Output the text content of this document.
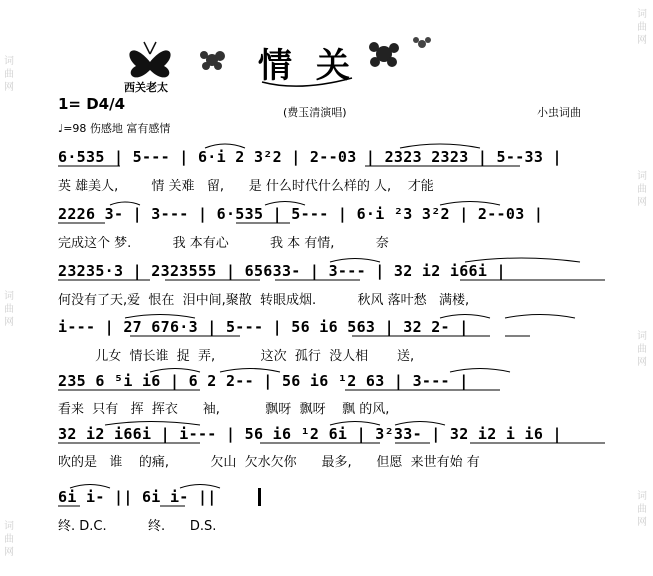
词
曲
网
词
曲
网
词
曲
网
词
曲
网
词
曲
网
词
曲
网
词
曲
网
西关老太
情 关
(费玉清演唱)	小虫词曲
1= D4/4
♩=98 伤感地 富有感情
6·535 | 5--- | 6·i 2 3²2 | 2--03 | 2323 2323 | 5--33 |
英 雄美人,        情 关难   留,      是 什么时代什么样的 人,    才能
2226 3- | 3--- | 6·535 | 5--- | 6·i ²3 3²2 | 2--03 |
完成这个 梦.          我 本有心          我 本 有情,          奈
23235·3 | 2323555 | 65633- | 3--- | 32 i2 i66i |
何没有了天,爱  恨在  泪中间,聚散  转眼成烟.          秋风 落叶愁   满楼,
i--- | 27 676·3 | 5--- | 56 i6 563 | 32 2- |
儿女  情长谁  捉  弄,           这次  孤行  没人相       送,
235 6 ⁵i i6 | 6 2 2-- | 56 i6 ¹2 63 | 3--- |
看来  只有   挥  挥衣      袖,           飘呀  飘呀    飘 的风,
32 i2 i66i | i--- | 56 i6 ¹2 6i | 3²33- | 32 i2 i i6 |
吹的是   谁    的痛,          欠山  欠水欠你      最多,      但愿  来世有始 有
6i i- || 6i i- ||
终. D.C.          终.      D.S.
